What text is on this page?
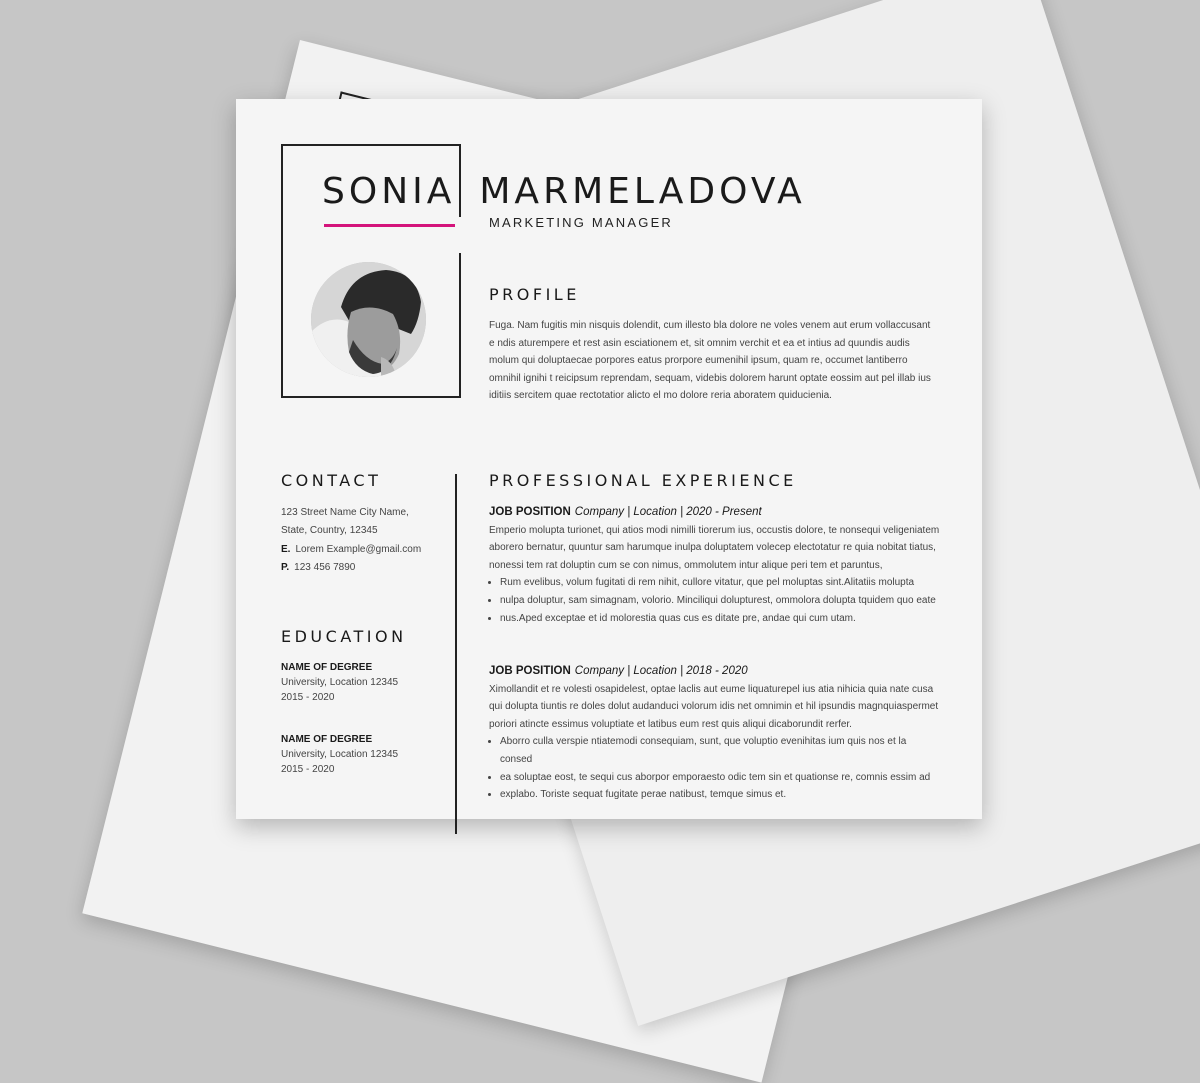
SONIA MARMELADOVA
MARKETING MANAGER
PROFILE
Fuga. Nam fugitis min nisquis dolendit, cum illesto bla dolore ne voles venem aut erum vollaccusant e ndis aturempere et rest asin esciationem et, sit omnim verchit et ea et intius ad quundis audis molum qui doluptaecae porpores eatus prorpore eumenihil ipsum, quam re, occumet lantiberro omnihil ignihi t reicipsum reprendam, sequam, videbis dolorem harunt optate eossim aut pel illab ius iditiis sercitem quae rectotatior alicto el mo dolore reria aboratem quiducienia.
CONTACT
123 Street Name City Name,
State, Country, 12345
E. Lorem Example@gmail.com
P. 123 456 7890
EDUCATION
NAME OF DEGREE
University, Location 12345
2015 - 2020
NAME OF DEGREE
University, Location 12345
2015 - 2020
PROFESSIONAL EXPERIENCE
JOB POSITION Company | Location | 2020 - Present
Emperio molupta turionet, qui atios modi nimilli tiorerum ius, occustis dolore, te nonsequi veligeniatem aborero bernatur, quuntur sam harumque inulpa doluptatem volecep electotatur re quia nobitat tiatus, nonessi tem rat doluptin cum se con nimus, ommolutem intur alique peri tem et paruntus,
• Rum evelibus, volum fugitati di rem nihit, cullore vitatur, que pel moluptas sint.Alitatiis molupta
• nulpa doluptur, sam simagnam, volorio. Minciliqui dolupturest, ommolora dolupta tquidem quo eate
• nus.Aped exceptae et id molorestia quas cus es ditate pre, andae qui cum utam.
JOB POSITION Company | Location | 2018 - 2020
Ximollandit et re volesti osapidelest, optae laclis aut eume liquaturepel ius atia nihicia quia nate cusa qui dolupta tiuntis re doles dolut audanduci volorum idis net omnimin et hil ipsundis magnquiaspermet poriori atincte essimus voluptiate et latibus eum rest quis aliqui dicaborundit rerfer.
• Aborro culla verspie ntiatemodi consequiam, sunt, que voluptio evenihitas ium quis nos et la consed
• ea soluptae eost, te sequi cus aborpor emporaesto odic tem sin et quationse re, comnis essim ad
• explabo. Toriste sequat fugitate perae natibust, temque simus et.
